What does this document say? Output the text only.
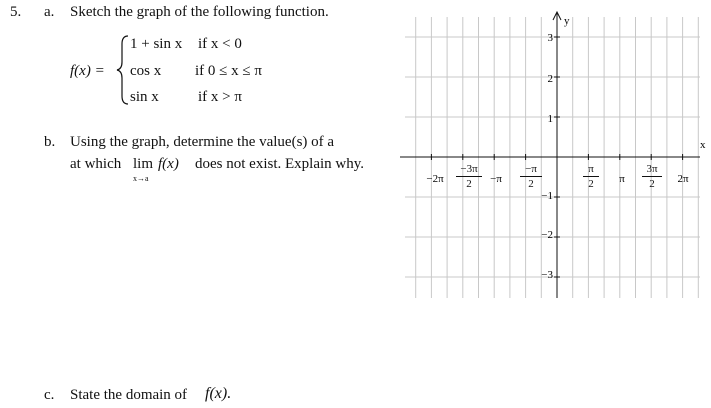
5. a. Sketch the graph of the following function.
f(x) =
1 + sin x if x < 0
cos x if 0 ≤ x ≤ π
sin x	if x > π
b. Using the graph, determine the value(s) of a
at which lim
x→a
f(x) does not exist. Explain why.
c. State the domain of f(x).
y
x
3
2
1
−1
−2
−3
−2π	−π	π	2π
−3π
2
−π
2
π
2
3π
2
